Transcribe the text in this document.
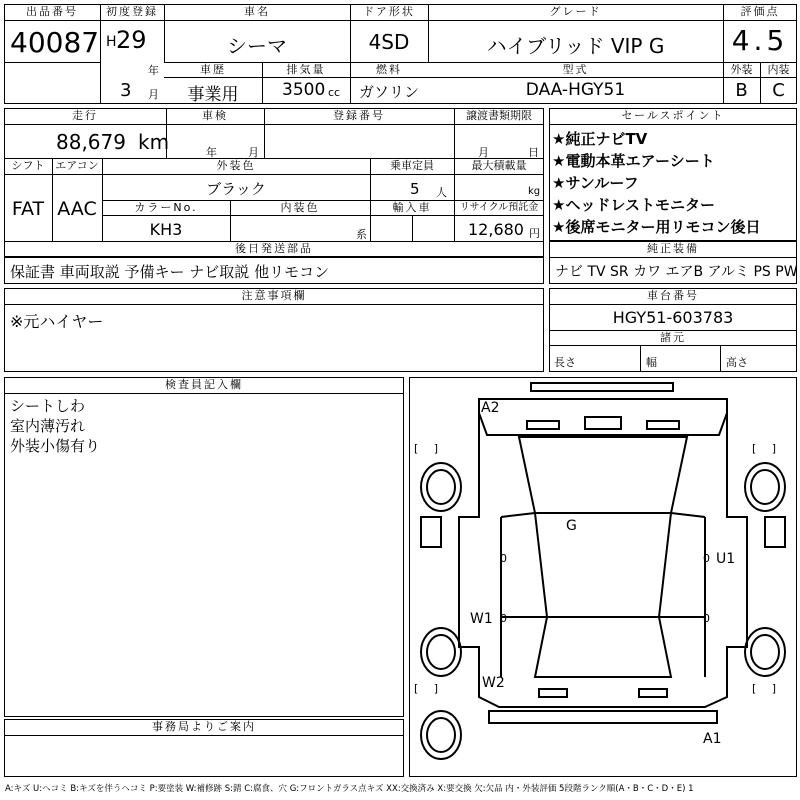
出品番号
40087
初度登録
H 29
年
3 月
車名
シーマ
ドア形状
4SD
グレード
ハイブリッド VIP G
評価点
4.5
外装	内装
B	C
車歴
事業用
排気量
3500 cc
燃料
ガソリン
型式
DAA-HGY51
走行
88,679 km
車検
年	月
登録番号	譲渡書類期限
月	日
シフト
FAT
エアコン
AAC
外装色
ブラック
乗車定員
5 人
最大積載量
kg
カラーNo.
KH3
内装色
系
輸入車	リサイクル預託金
12,680 円
後日発送部品
保証書 車両取説 予備キー ナビ取説 他リモコン
セールスポイント
★純正ナビTV
★電動本革エアーシート
★サンルーフ
★ヘッドレストモニター
★後席モニター用リモコン後日
純正装備
ナビ TV SR カワ エアB アルミ PS PW
注意事項欄
※元ハイヤー
車台番号
HGY51-603783
諸元
長さ	幅	高さ
検査員記入欄
シートしわ
室内薄汚れ
外装小傷有り
事務局よりご案内
A2
G
U1
W1
W2
A1
0	0
0	0
[ ]	[ ]
[ ]	[ ]
A:キズ U:ヘコミ B:キズを伴うヘコミ P:要塗装 W:補修跡 S:錆 C:腐食、穴 G:フロントガラス点キズ XX:交換済み X:要交換 欠:欠品 内・外装評価 5段階ランク順(A・B・C・D・E) 1
